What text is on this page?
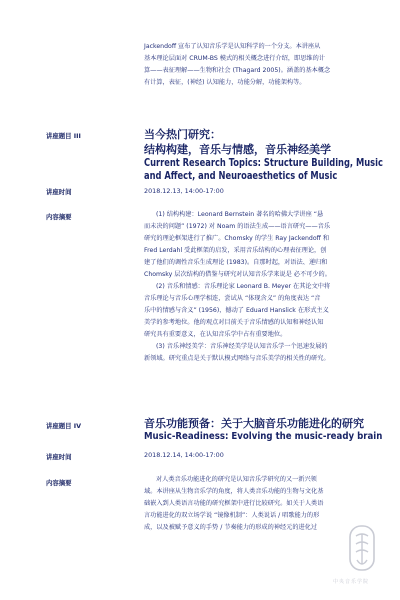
Jackendoff 宣布了认知音乐学是认知科学的一个分支。本讲座从
基本理论层面对 CRUM-BS 模式的相关概念进行介绍，即思维的计
算——表征理解——生物和社会 (Thagard 2005)。涵盖的基本概念
有计算，表征，(神经) 认知能力，功能分解，功能架构等。
讲座题目 III	当今热门研究：
结构构建，音乐与情感，音乐神经美学
Current Research Topics: Structure Building, Music
and Affect, and Neuroaesthetics of Music
讲座时间	2018.12.13, 14:00-17:00
内容摘要	(1) 结构构建：Leonard Bernstein 著名的哈佛大学讲座 “悬
而未决的问题” (1972) 对 Noam 的语法生成——语言研究——音乐
研究的理论框架进行了推广。Chomsky 的学生 Ray Jackendoff 和
Fred Lerdahl 受此框架的启发，采用音乐结构的心理表征理论，创
建了他们的调性音乐生成理论 (1983)。自那时起，对语法、递归和
Chomsky 层次结构的借鉴与研究对认知音乐学来说是 必不可少的。
(2) 音乐和情感：音乐理论家 Leonard B. Meyer 在其论文中将
音乐理论与音乐心理学相连，尝试从 “体现含义” 的角度表达 “音
乐中的情感与含义” (1956)，撼动了 Eduard Hanslick 在形式主义
美学的参考地位。他的观点对目前关于音乐情感的认知和神经认知
研究具有重要意义，在认知音乐学中占有重要地位。
(3) 音乐神经美学：音乐神经美学是认知音乐学一个迅速发展的
新领域。研究重点是关于默认模式网络与音乐美学的相关性的研究。
讲座题目 IV	音乐功能预备：关于大脑音乐功能进化的研究
Music-Readiness: Evolving the music-ready brain
讲座时间	2018.12.14, 14:00-17:00
内容摘要	对人类音乐功能进化的研究是认知音乐学研究的又一新兴领
域。本讲座从生物音乐学的角度，将人类音乐功能的生物与文化基
础嵌入到人类语言功能的研究框架中进行比较研究。如关于人类语
言功能进化的双立场学说 “镜像机制”：人类说话 / 唱歌能力的形
成，以及被赋予意义的手势 / 节奏能力的形成的神经元的进化过
中央音乐学院
